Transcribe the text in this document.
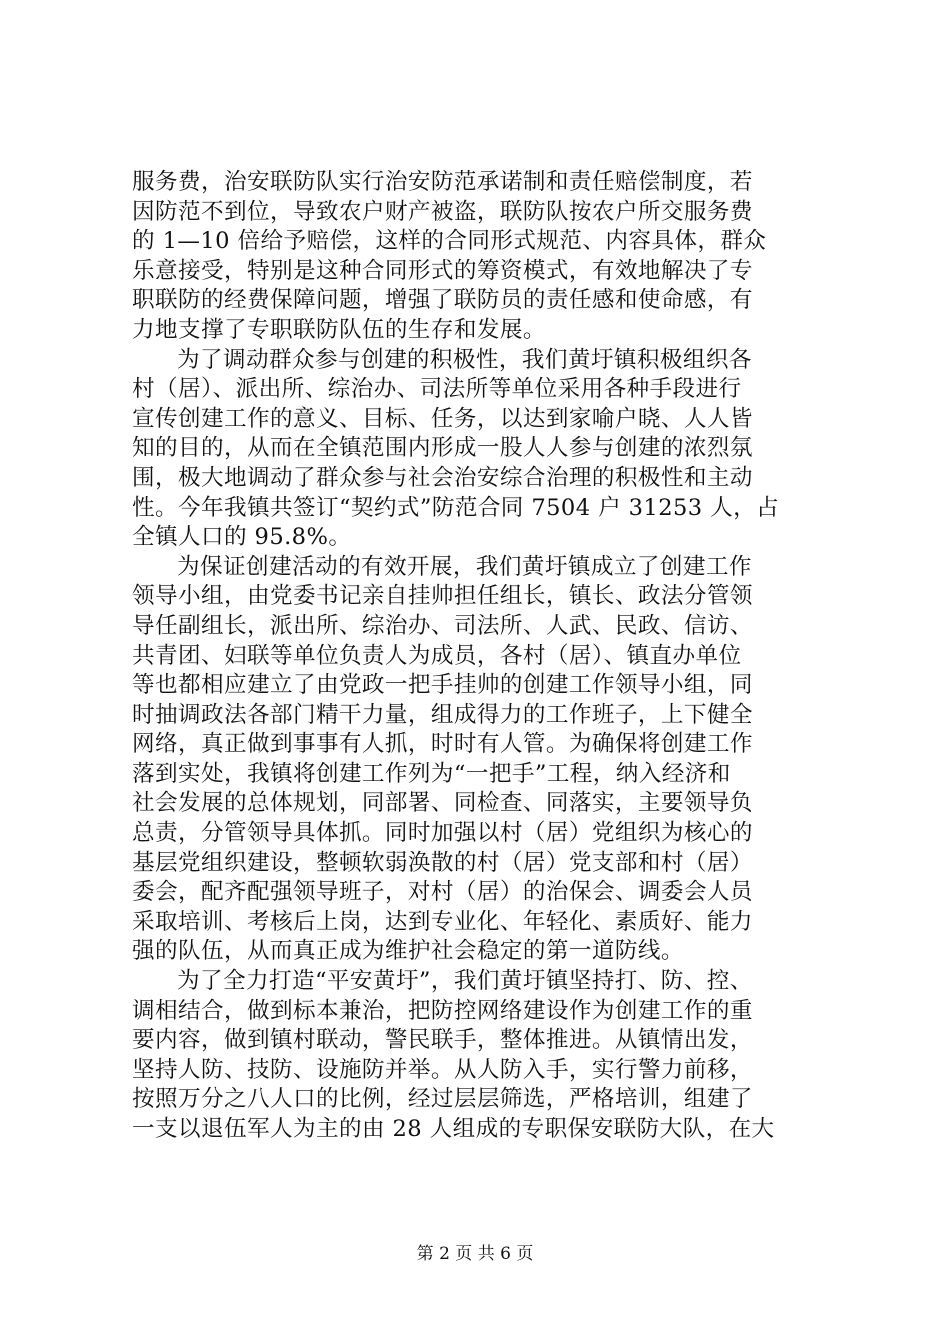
服务费，治安联防队实行治安防范承诺制和责任赔偿制度，若
因防范不到位，导致农户财产被盗，联防队按农户所交服务费
的 1—10 倍给予赔偿，这样的合同形式规范、内容具体，群众
乐意接受，特别是这种合同形式的筹资模式，有效地解决了专
职联防的经费保障问题，增强了联防员的责任感和使命感，有
力地支撑了专职联防队伍的生存和发展。
为了调动群众参与创建的积极性，我们黄圩镇积极组织各
村（居）、派出所、综治办、司法所等单位采用各种手段进行
宣传创建工作的意义、目标、任务，以达到家喻户晓、人人皆
知的目的，从而在全镇范围内形成一股人人参与创建的浓烈氛
围，极大地调动了群众参与社会治安综合治理的积极性和主动
性。今年我镇共签订“契约式”防范合同 7504 户 31253 人，占
全镇人口的 95.8%。
为保证创建活动的有效开展，我们黄圩镇成立了创建工作
领导小组，由党委书记亲自挂帅担任组长，镇长、政法分管领
导任副组长，派出所、综治办、司法所、人武、民政、信访、
共青团、妇联等单位负责人为成员，各村（居）、镇直办单位
等也都相应建立了由党政一把手挂帅的创建工作领导小组，同
时抽调政法各部门精干力量，组成得力的工作班子，上下健全
网络，真正做到事事有人抓，时时有人管。为确保将创建工作
落到实处，我镇将创建工作列为“一把手”工程，纳入经济和
社会发展的总体规划，同部署、同检查、同落实，主要领导负
总责，分管领导具体抓。同时加强以村（居）党组织为核心的
基层党组织建设，整顿软弱涣散的村（居）党支部和村（居）
委会，配齐配强领导班子，对村（居）的治保会、调委会人员
采取培训、考核后上岗，达到专业化、年轻化、素质好、能力
强的队伍，从而真正成为维护社会稳定的第一道防线。
为了全力打造“平安黄圩”，我们黄圩镇坚持打、防、控、
调相结合，做到标本兼治，把防控网络建设作为创建工作的重
要内容，做到镇村联动，警民联手，整体推进。从镇情出发，
坚持人防、技防、设施防并举。从人防入手，实行警力前移，
按照万分之八人口的比例，经过层层筛选，严格培训，组建了
一支以退伍军人为主的由 28 人组成的专职保安联防大队，在大
第 2 页 共 6 页
